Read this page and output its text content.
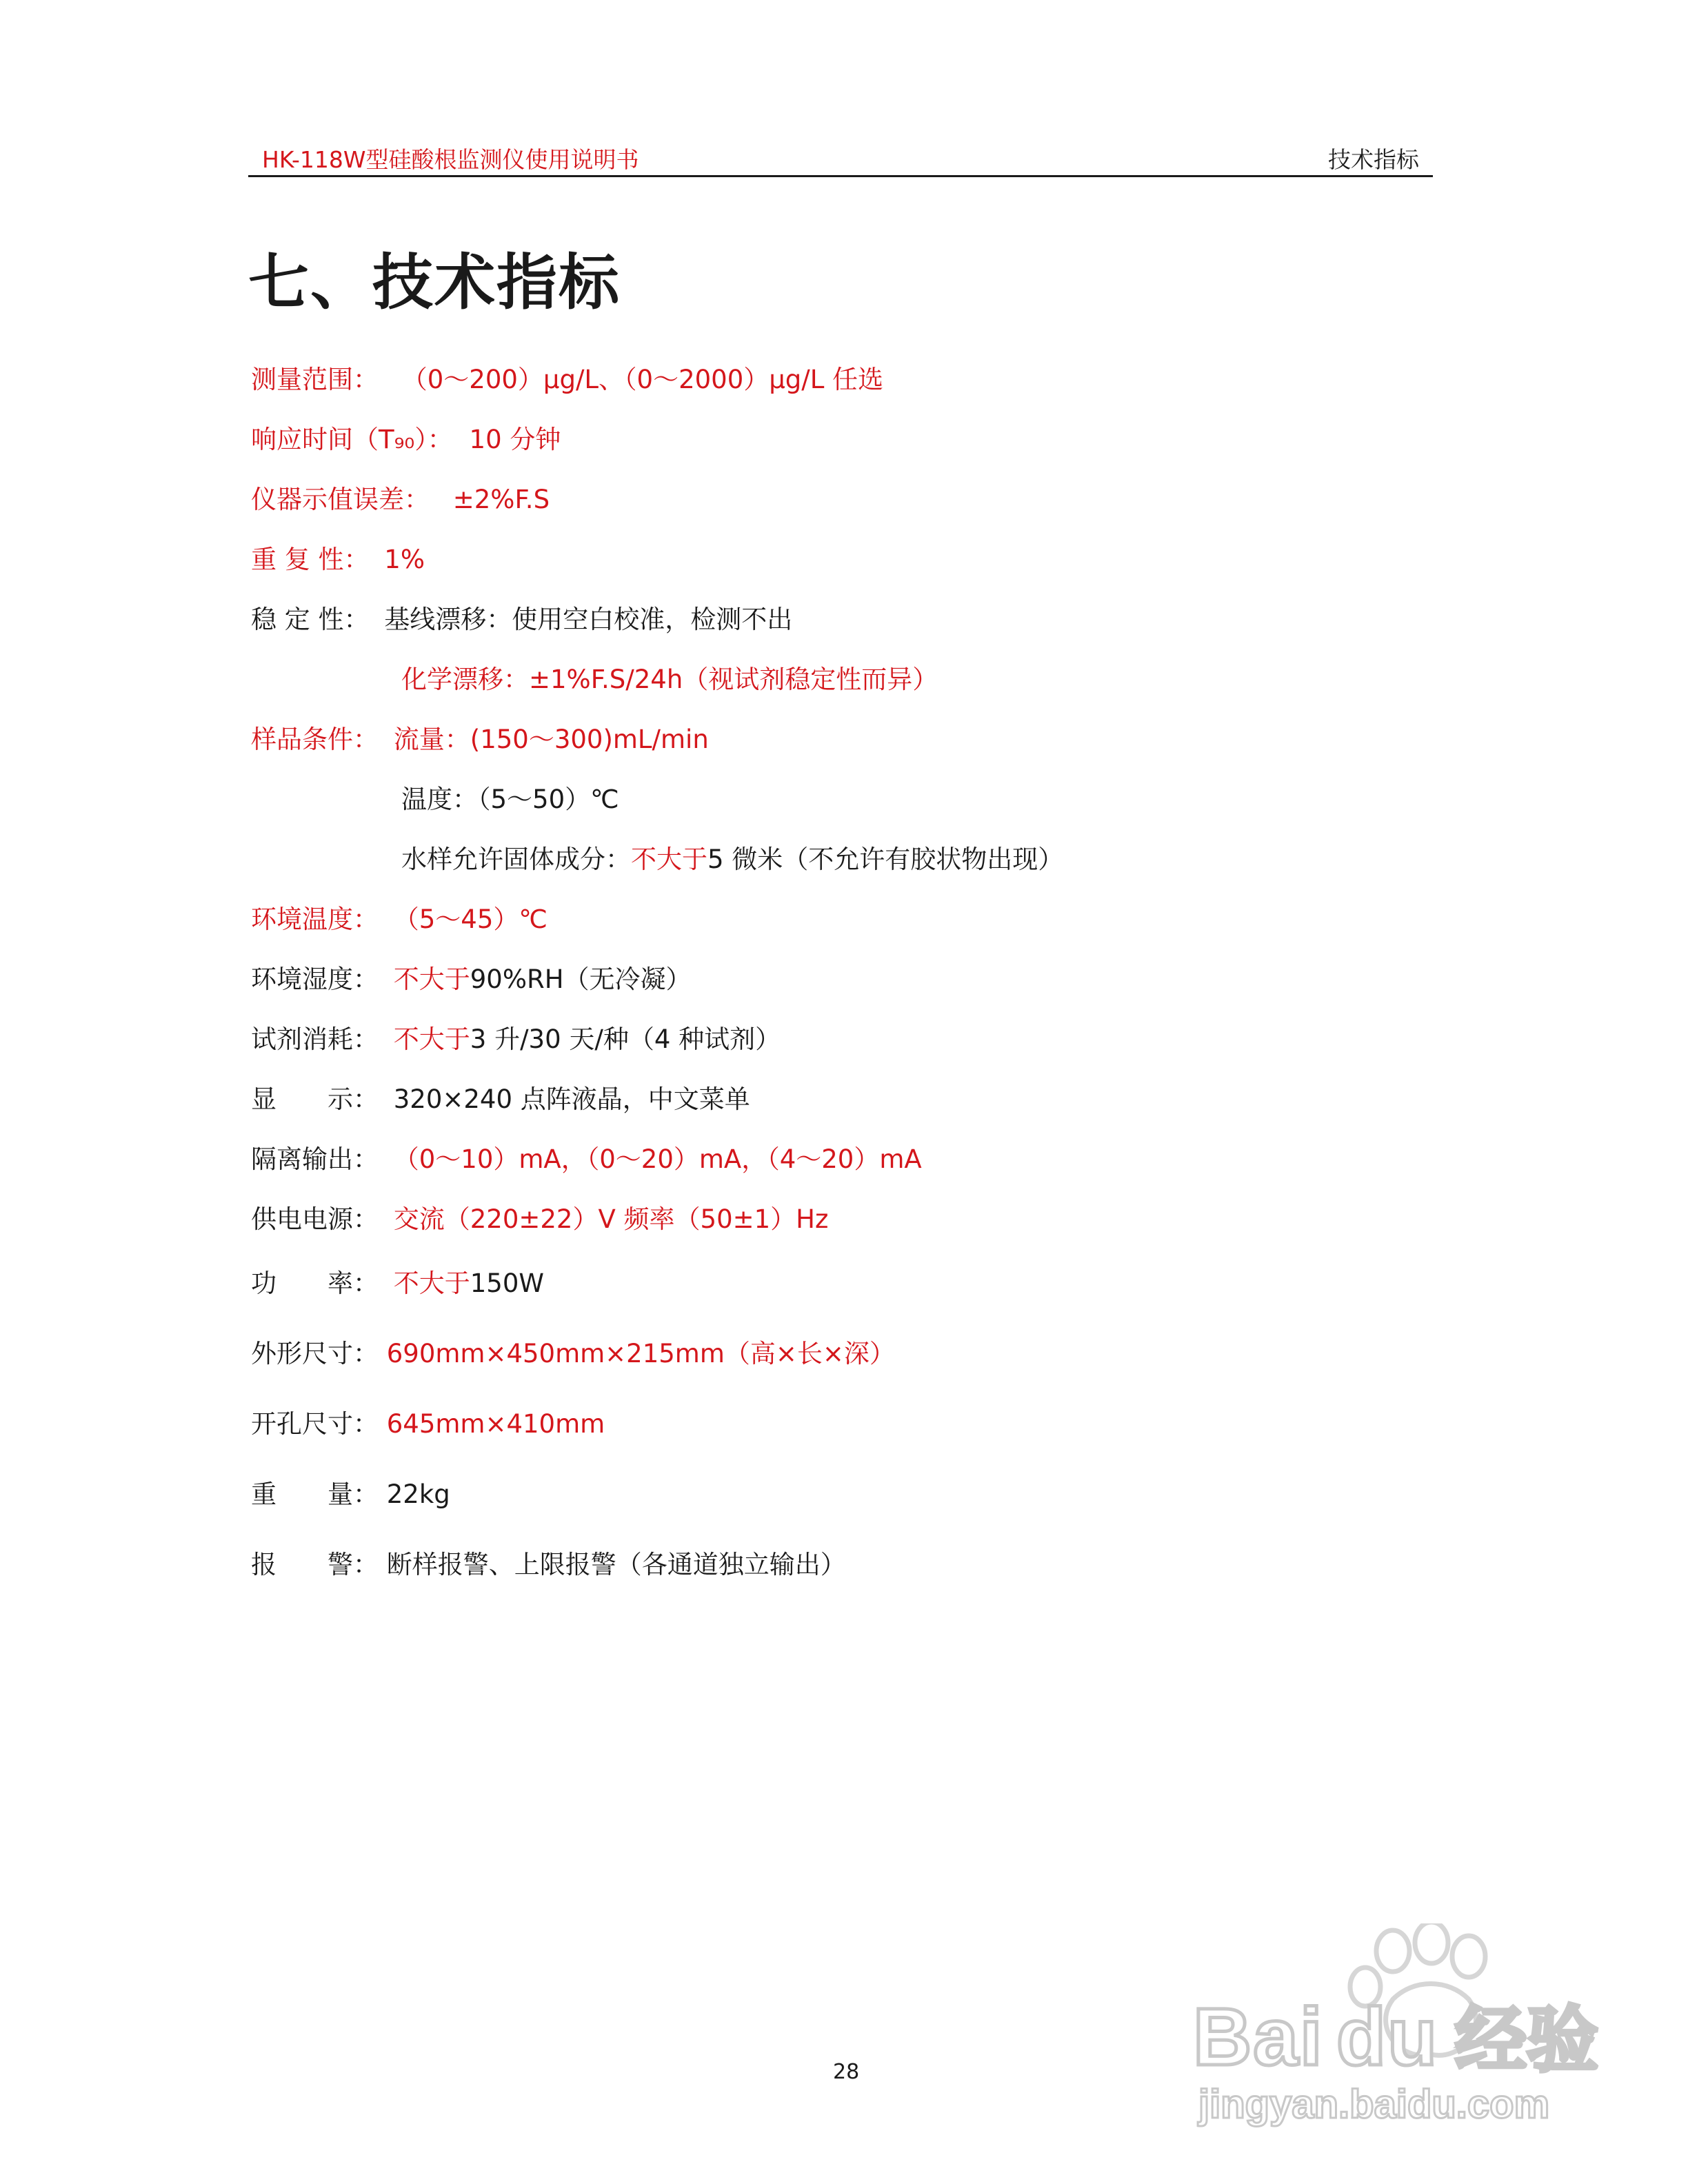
HK-118W型硅酸根监测仪使用说明书	技术指标
七、技术指标
测量范围： （0～200）μg/L、（0～2000）μg/L 任选
响应时间（T₉₀）： 10 分钟
仪器示值误差： ±2%F.S
重 复 性： 1%
稳 定 性： 基线漂移：使用空白校准，检测不出
化学漂移：±1%F.S/24h（视试剂稳定性而异）
样品条件： 流量：(150～300)mL/min
温度：（5～50）℃
水样允许固体成分：不大于5 微米（不允许有胶状物出现）
环境温度： （5～45）℃
环境湿度： 不大于90%RH（无冷凝）
试剂消耗： 不大于3 升/30 天/种（4 种试剂）
显　　示： 320×240 点阵液晶，中文菜单
隔离输出： （0～10）mA，（0～20）mA，（4～20）mA
供电电源： 交流（220±22）V 频率（50±1）Hz
功　　率： 不大于150W
外形尺寸： 690mm×450mm×215mm（高×长×深）
开孔尺寸： 645mm×410mm
重　　量： 22kg
报　　警： 断样报警、上限报警（各通道独立输出）
28	Bai du 经验
jingyan.baidu.com
